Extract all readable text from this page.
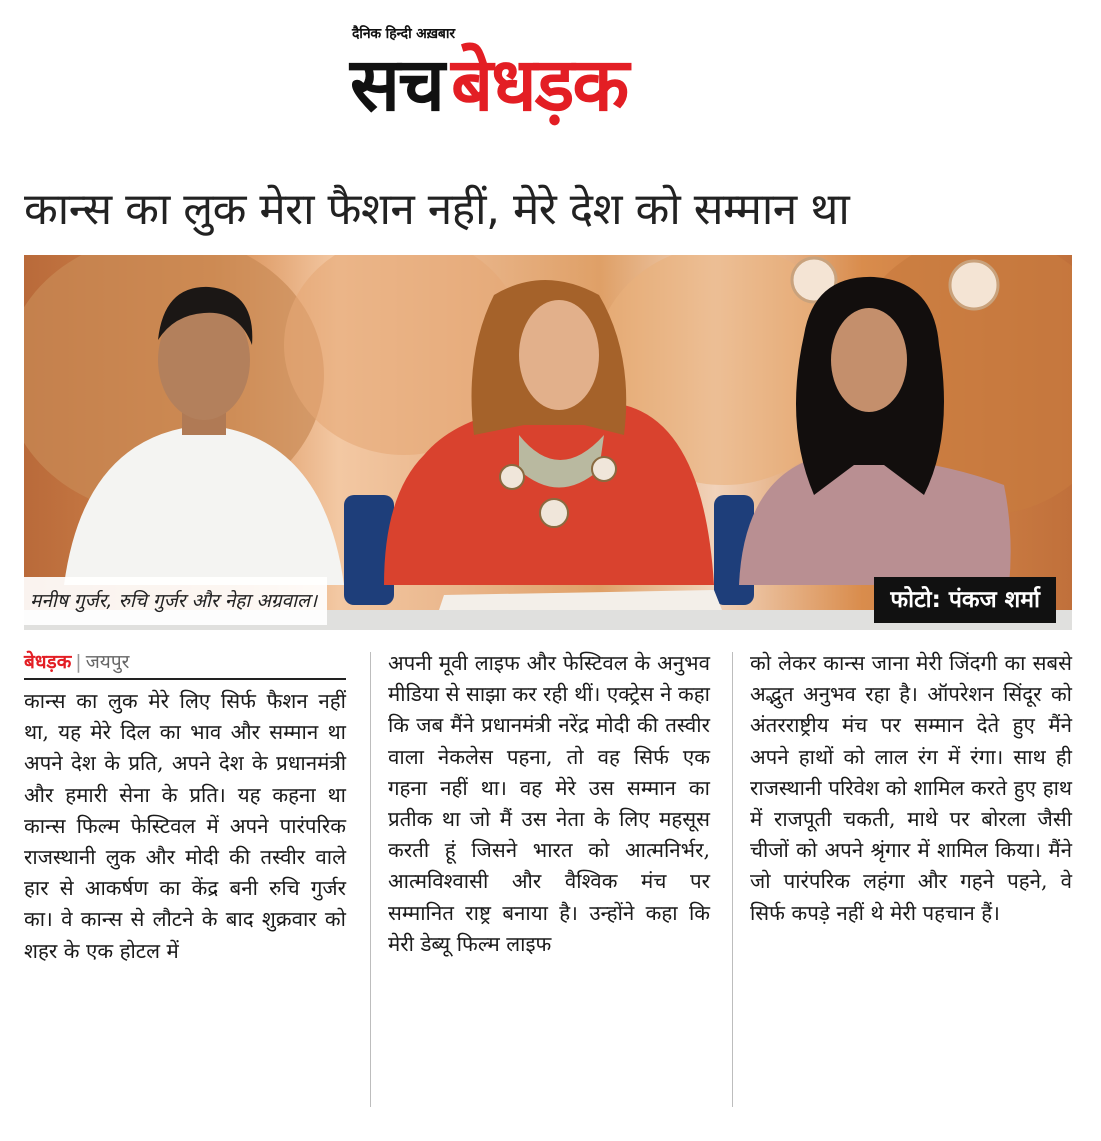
दैनिक हिन्दी अख़बार
सच बेधड़क
कान्स का लुक मेरा फैशन नहीं, मेरे देश को सम्मान था
मनीष गुर्जर, रुचि गुर्जर और नेहा अग्रवाल।	फोटो: पंकज शर्मा
बेधड़क | जयपुर

कान्स का लुक मेरे लिए सिर्फ फैशन नहीं था, यह मेरे दिल का भाव और सम्मान था अपने देश के प्रति, अपने देश के प्रधानमंत्री और हमारी सेना के प्रति। यह कहना था कान्स फिल्म फेस्टिवल में अपने पारंपरिक राजस्थानी लुक और मोदी की तस्वीर वाले हार से आकर्षण का केंद्र बनी रुचि गुर्जर का। वे कान्स से लौटने के बाद शुक्रवार को शहर के एक होटल में

अपनी मूवी लाइफ और फेस्टिवल के अनुभव मीडिया से साझा कर रही थीं। एक्ट्रेस ने कहा कि जब मैंने प्रधानमंत्री नरेंद्र मोदी की तस्वीर वाला नेकलेस पहना, तो वह सिर्फ एक गहना नहीं था। वह मेरे उस सम्मान का प्रतीक था जो मैं उस नेता के लिए महसूस करती हूं जिसने भारत को आत्मनिर्भर, आत्मविश्वासी और वैश्विक मंच पर सम्मानित राष्ट्र बनाया है। उन्होंने कहा कि मेरी डेब्यू फिल्म लाइफ

को लेकर कान्स जाना मेरी जिंदगी का सबसे अद्भुत अनुभव रहा है। ऑपरेशन सिंदूर को अंतरराष्ट्रीय मंच पर सम्मान देते हुए मैंने अपने हाथों को लाल रंग में रंगा। साथ ही राजस्थानी परिवेश को शामिल करते हुए हाथ में राजपूती चकती, माथे पर बोरला जैसी चीजों को अपने श्रृंगार में शामिल किया। मैंने जो पारंपरिक लहंगा और गहने पहने, वे सिर्फ कपड़े नहीं थे मेरी पहचान हैं।
